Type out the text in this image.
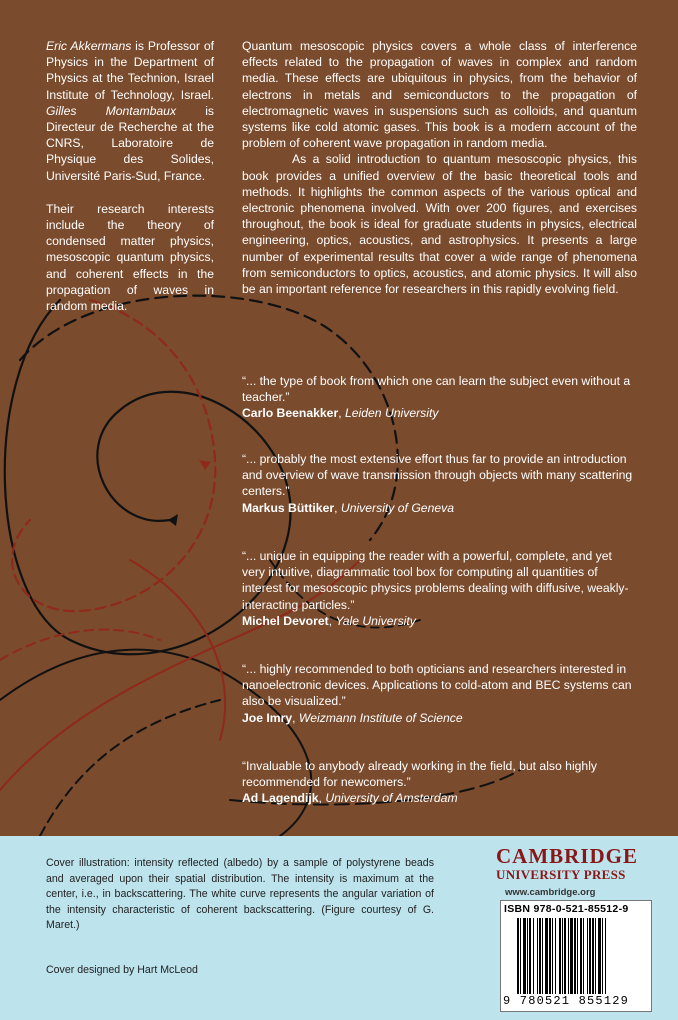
Eric Akkermans is Professor of Physics in the Department of Physics at the Technion, Israel Institute of Technology, Israel. Gilles Montambaux is Directeur de Recherche at the CNRS, Laboratoire de Physique des Solides, Université Paris-Sud, France.

Their research interests include the theory of condensed matter physics, mesoscopic quantum physics, and coherent effects in the propagation of waves in random media.

Quantum mesoscopic physics covers a whole class of interference effects related to the propagation of waves in complex and random media. These effects are ubiquitous in physics, from the behavior of electrons in metals and semiconductors to the propagation of electromagnetic waves in suspensions such as colloids, and quantum systems like cold atomic gases. This book is a modern account of the problem of coherent wave propagation in random media.

As a solid introduction to quantum mesoscopic physics, this book provides a unified overview of the basic theoretical tools and methods. It highlights the common aspects of the various optical and electronic phenomena involved. With over 200 figures, and exercises throughout, the book is ideal for graduate students in physics, electrical engineering, optics, acoustics, and astrophysics. It presents a large number of experimental results that cover a wide range of phenomena from semiconductors to optics, acoustics, and atomic physics. It will also be an important reference for researchers in this rapidly evolving field.

“... the type of book from which one can learn the subject even without a teacher.”

Carlo Beenakker, Leiden University

“... probably the most extensive effort thus far to provide an introduction and overview of wave transmission through objects with many scattering centers.”

Markus Büttiker, University of Geneva

“... unique in equipping the reader with a powerful, complete, and yet very intuitive, diagrammatic tool box for computing all quantities of interest for mesoscopic physics problems dealing with diffusive, weakly-interacting particles.”

Michel Devoret, Yale University

“... highly recommended to both opticians and researchers interested in nanoelectronic devices. Applications to cold-atom and BEC systems can also be visualized.”

Joe Imry, Weizmann Institute of Science

“Invaluable to anybody already working in the field, but also highly recommended for newcomers.”

Ad Lagendijk, University of Amsterdam

Cover illustration: intensity reflected (albedo) by a sample of polystyrene beads and averaged upon their spatial distribution. The intensity is maximum at the center, i.e., in backscattering. The white curve represents the angular variation of the intensity characteristic of coherent backscattering. (Figure courtesy of G. Maret.)
Cover designed by Hart McLeod
CAMBRIDGE
UNIVERSITY PRESS
www.cambridge.org
ISBN 978-0-521-85512-9
9 780521 855129
